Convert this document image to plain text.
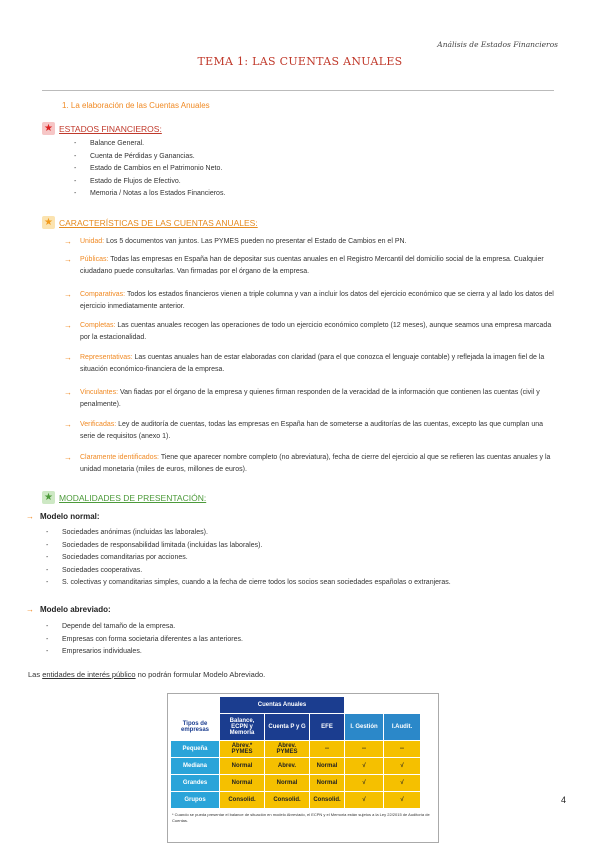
Análisis de Estados Financieros
TEMA 1: LAS CUENTAS ANUALES
1. La elaboración de las Cuentas Anuales
★ ESTADOS FINANCIEROS:
- Balance General.
- Cuenta de Pérdidas y Ganancias.
- Estado de Cambios en el Patrimonio Neto.
- Estado de Flujos de Efectivo.
- Memoria / Notas a los Estados Financieros.
★ CARACTERÍSTICAS DE LAS CUENTAS ANUALES:
→ Unidad: Los 5 documentos van juntos. Las PYMES pueden no presentar el Estado de Cambios en el PN.
→ Públicas: Todas las empresas en España han de depositar sus cuentas anuales en el Registro Mercantil del domicilio social de la empresa. Cualquier ciudadano puede consultarlas. Van firmadas por el órgano de la empresa.
→ Comparativas: Todos los estados financieros vienen a triple columna y van a incluir los datos del ejercicio económico que se cierra y al lado los datos del ejercicio inmediatamente anterior.
→ Completas: Las cuentas anuales recogen las operaciones de todo un ejercicio económico completo (12 meses), aunque seamos una empresa marcada por la estacionalidad.
→ Representativas: Las cuentas anuales han de estar elaboradas con claridad (para el que conozca el lenguaje contable) y reflejada la imagen fiel de la situación económico-financiera de la empresa.
→ Vinculantes: Van fiadas por el órgano de la empresa y quienes firman responden de la veracidad de la información que contienen las cuentas (civil y penalmente).
→ Verificadas: Ley de auditoría de cuentas, todas las empresas en España han de someterse a auditorías de las cuentas, excepto las que cumplan una serie de requisitos (anexo 1).
→ Claramente identificados: Tiene que aparecer nombre completo (no abreviatura), fecha de cierre del ejercicio al que se refieren las cuentas anuales y la unidad monetaria (miles de euros, millones de euros).
★ MODALIDADES DE PRESENTACIÓN:
→ Modelo normal:
- Sociedades anónimas (incluidas las laborales).
- Sociedades de responsabilidad limitada (incluidas las laborales).
- Sociedades comanditarias por acciones.
- Sociedades cooperativas.
- S. colectivas y comanditarias simples, cuando a la fecha de cierre todos los socios sean sociedades españolas o extranjeras.
→ Modelo abreviado:
- Depende del tamaño de la empresa.
- Empresas con forma societaria diferentes a las anteriores.
- Empresarios individuales.
Las entidades de interés público no podrán formular Modelo Abreviado.
	Cuentas Anuales				
Tipos de empresas	Balance, ECPN y Memoria	Cuenta P y G	EFE	I. Gestión	I.Audit.
Pequeña	Abrev.* PYMES	Abrev. PYMES	--	--	--
Mediana	Normal	Abrev.	Normal	√	√
Grandes	Normal	Normal	Normal	√	√
Grupos	Consolid.	Consolid.	Consolid.	√	√
* Cuando se pueda presentar el balance de situación en modelo Abreviado, el ECPN y el Memoria están sujetos a la Ley 22/2015 de Auditoría de Cuentas.
4
